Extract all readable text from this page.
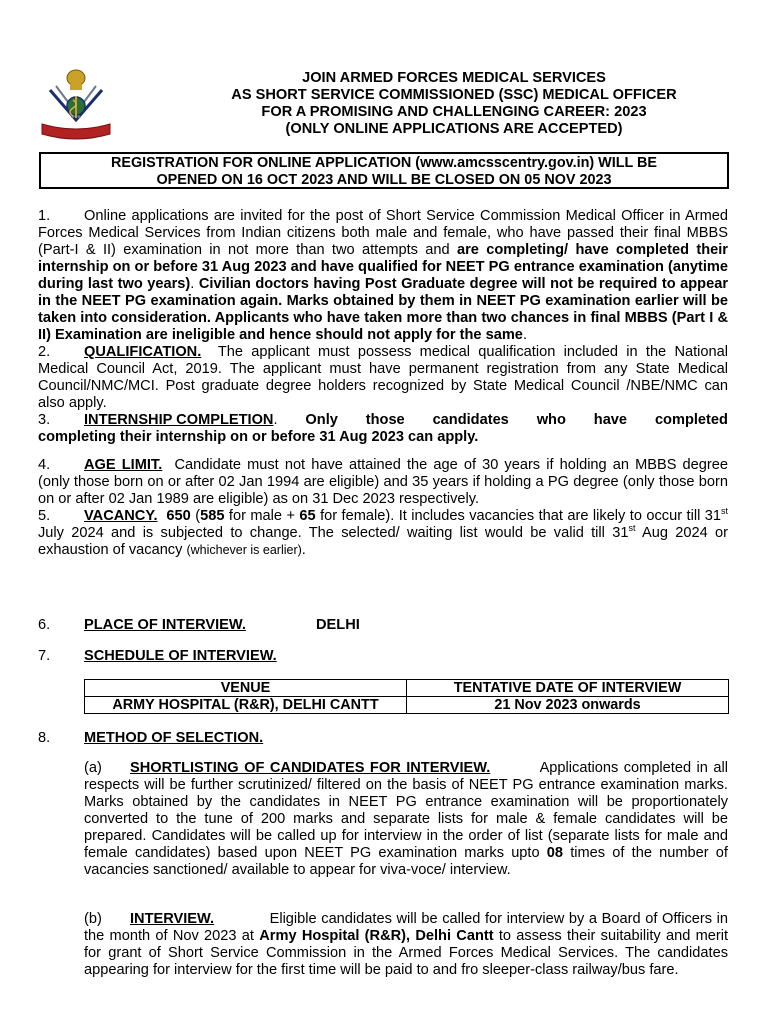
JOIN ARMED FORCES MEDICAL SERVICES
AS SHORT SERVICE COMMISSIONED (SSC) MEDICAL OFFICER
FOR A PROMISING AND CHALLENGING CAREER: 2023
(ONLY ONLINE APPLICATIONS ARE ACCEPTED)
REGISTRATION FOR ONLINE APPLICATION (www.amcsscentry.gov.in) WILL BE
OPENED ON 16 OCT 2023 AND WILL BE CLOSED ON 05 NOV 2023

1. Online applications are invited for the post of Short Service Commission Medical Officer in Armed Forces Medical Services from Indian citizens both male and female, who have passed their final MBBS (Part-I & II) examination in not more than two attempts and are completing/ have completed their internship on or before 31 Aug 2023 and have qualified for NEET PG entrance examination (anytime during last two years). Civilian doctors having Post Graduate degree will not be required to appear in the NEET PG examination again. Marks obtained by them in NEET PG examination earlier will be taken into consideration. Applicants who have taken more than two chances in final MBBS (Part I & II) Examination are ineligible and hence should not apply for the same.

2. QUALIFICATION. The applicant must possess medical qualification included in the National Medical Council Act, 2019. The applicant must have permanent registration from any State Medical Council/NMC/MCI. Post graduate degree holders recognized by State Medical Council /NBE/NMC can also apply.

3. INTERNSHIP COMPLETION. Only those candidates who have completed
completing their internship on or before 31 Aug 2023 can apply.

4. AGE LIMIT. Candidate must not have attained the age of 30 years if holding an MBBS degree (only those born on or after 02 Jan 1994 are eligible) and 35 years if holding a PG degree (only those born on or after 02 Jan 1989 are eligible) as on 31 Dec 2023 respectively.

5. VACANCY. 650 (585 for male + 65 for female). It includes vacancies that are likely to occur till 31st July 2024 and is subjected to change. The selected/ waiting list would be valid till 31st Aug 2024 or exhaustion of vacancy (whichever is earlier).

6. PLACE OF INTERVIEW.	DELHI
7. SCHEDULE OF INTERVIEW.
VENUE	TENTATIVE DATE OF INTERVIEW
ARMY HOSPITAL (R&R), DELHI CANTT	21 Nov 2023 onwards
8. METHOD OF SELECTION.

(a) SHORTLISTING OF CANDIDATES FOR INTERVIEW.	Applications completed in all respects will be further scrutinized/ filtered on the basis of NEET PG entrance examination marks. Marks obtained by the candidates in NEET PG entrance examination will be proportionately converted to the tune of 200 marks and separate lists for male & female candidates will be prepared. Candidates will be called up for interview in the order of list (separate lists for male and female candidates) based upon NEET PG examination marks upto 08 times of the number of vacancies sanctioned/ available to appear for viva-voce/ interview.

(b) INTERVIEW.	Eligible candidates will be called for interview by a Board of Officers in the month of Nov 2023 at Army Hospital (R&R), Delhi Cantt to assess their suitability and merit for grant of Short Service Commission in the Armed Forces Medical Services. The candidates appearing for interview for the first time will be paid to and fro sleeper-class railway/bus fare.
